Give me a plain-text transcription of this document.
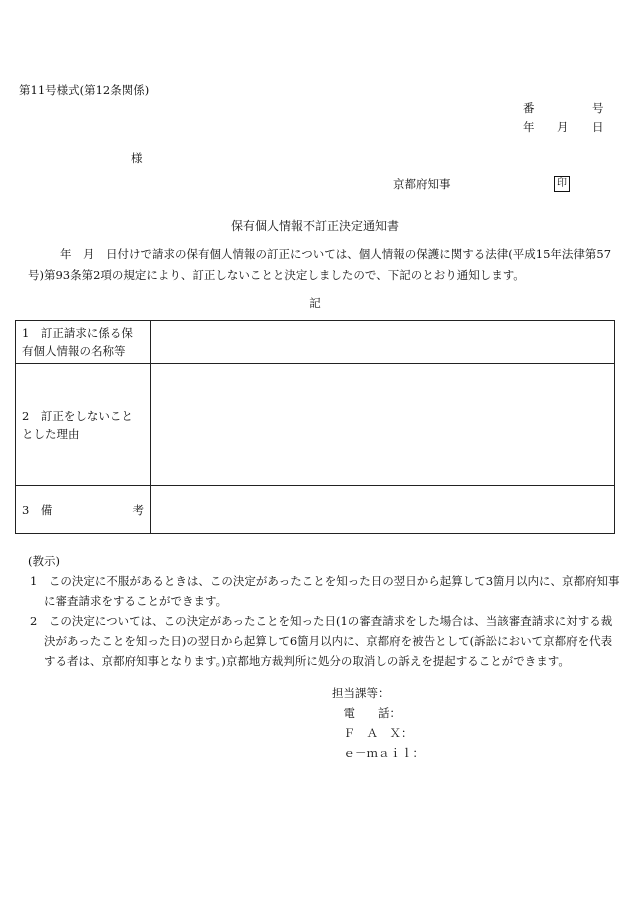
第11号様式(第12条関係)
番	号
年 月 日
様
京都府知事	印
保有個人情報不訂正決定通知書
年　月　日付けで請求の保有個人情報の訂正については、個人情報の保護に関する法律(平成15年法律第57号)第93条第2項の規定により、訂正しないことと決定しましたので、下記のとおり通知します。
記
1　訂正請求に係る保有個人情報の名称等	
2　訂正をしないこととした理由	

3　備 考	

(教示)
1　この決定に不服があるときは、この決定があったことを知った日の翌日から起算して3箇月以内に、京都府知事に審査請求をすることができます。
2　この決定については、この決定があったことを知った日(1の審査請求をした場合は、当該審査請求に対する裁決があったことを知った日)の翌日から起算して6箇月以内に、京都府を被告として(訴訟において京都府を代表する者は、京都府知事となります。)京都地方裁判所に処分の取消しの訴えを提起することができます。
担当課等：
　電　　話：
　Ｆ　Ａ　Ｘ：
　ｅ－ｍａｉｌ：
